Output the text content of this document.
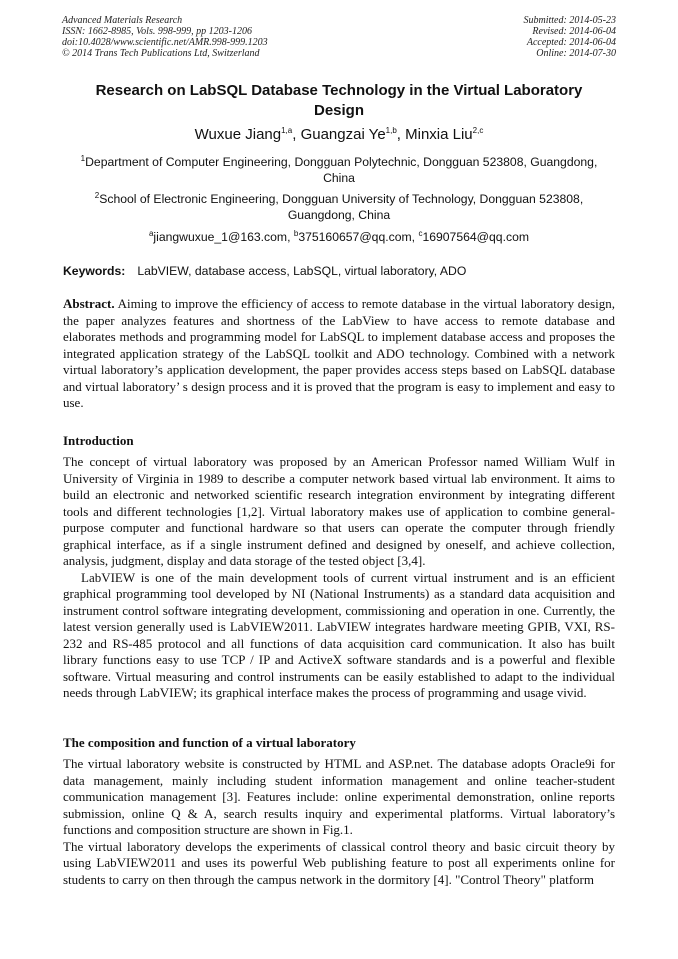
Advanced Materials Research
ISSN: 1662-8985, Vols. 998-999, pp 1203-1206
doi:10.4028/www.scientific.net/AMR.998-999.1203
© 2014 Trans Tech Publications Ltd, Switzerland
Submitted: 2014-05-23
Revised: 2014-06-04
Accepted: 2014-06-04
Online: 2014-07-30
Research on LabSQL Database Technology in the Virtual Laboratory Design
Wuxue Jiang$^{1,a}$, Guangzai Ye$^{1,b}$, Minxia Liu$^{2,c}$
$^1$Department of Computer Engineering, Dongguan Polytechnic, Dongguan 523808, Guangdong, China
$^2$School of Electronic Engineering, Dongguan University of Technology, Dongguan 523808, Guangdong, China
$^a$jiangwuxue_1@163.com, $^b$375160657@qq.com, $^c$16907564@qq.com
Keywords: LabVIEW, database access, LabSQL, virtual laboratory, ADO

Abstract. Aiming to improve the efficiency of access to remote database in the virtual laboratory design, the paper analyzes features and shortness of the LabView to have access to remote database and elaborates methods and programming model for LabSQL to implement database access and proposes the integrated application strategy of the LabSQL toolkit and ADO technology. Combined with a network virtual laboratory’s application development, the paper provides access steps based on LabSQL database and virtual laboratory’ s design process and it is proved that the program is easy to implement and easy to use.

Introduction

The concept of virtual laboratory was proposed by an American Professor named William Wulf in University of Virginia in 1989 to describe a computer network based virtual lab environment. It aims to build an electronic and networked scientific research integration environment by integrating different tools and different technologies [1,2]. Virtual laboratory makes use of application to combine general-purpose computer and functional hardware so that users can operate the computer through friendly graphical interface, as if a single instrument defined and designed by oneself, and achieve collection, analysis, judgment, display and data storage of the tested object [3,4].

LabVIEW is one of the main development tools of current virtual instrument and is an efficient graphical programming tool developed by NI (National Instruments) as a standard data acquisition and instrument control software integrating development, commissioning and operation in one. Currently, the latest version generally used is LabVIEW2011. LabVIEW integrates hardware meeting GPIB, VXI, RS-232 and RS-485 protocol and all functions of data acquisition card communication. It also has built library functions easy to use TCP / IP and ActiveX software standards and is a powerful and flexible software. Virtual measuring and control instruments can be easily established to adapt to the individual needs through LabVIEW; its graphical interface makes the process of programming and usage vivid.

The composition and function of a virtual laboratory

The virtual laboratory website is constructed by HTML and ASP.net. The database adopts Oracle9i for data management, mainly including student information management and online teacher-student communication management [3]. Features include: online experimental demonstration, online reports submission, online Q & A, search results inquiry and experimental platforms. Virtual laboratory’s functions and composition structure are shown in Fig.1.

The virtual laboratory develops the experiments of classical control theory and basic circuit theory by using LabVIEW2011 and uses its powerful Web publishing feature to post all experiments online for students to carry on then through the campus network in the dormitory [4]. "Control Theory" platform
